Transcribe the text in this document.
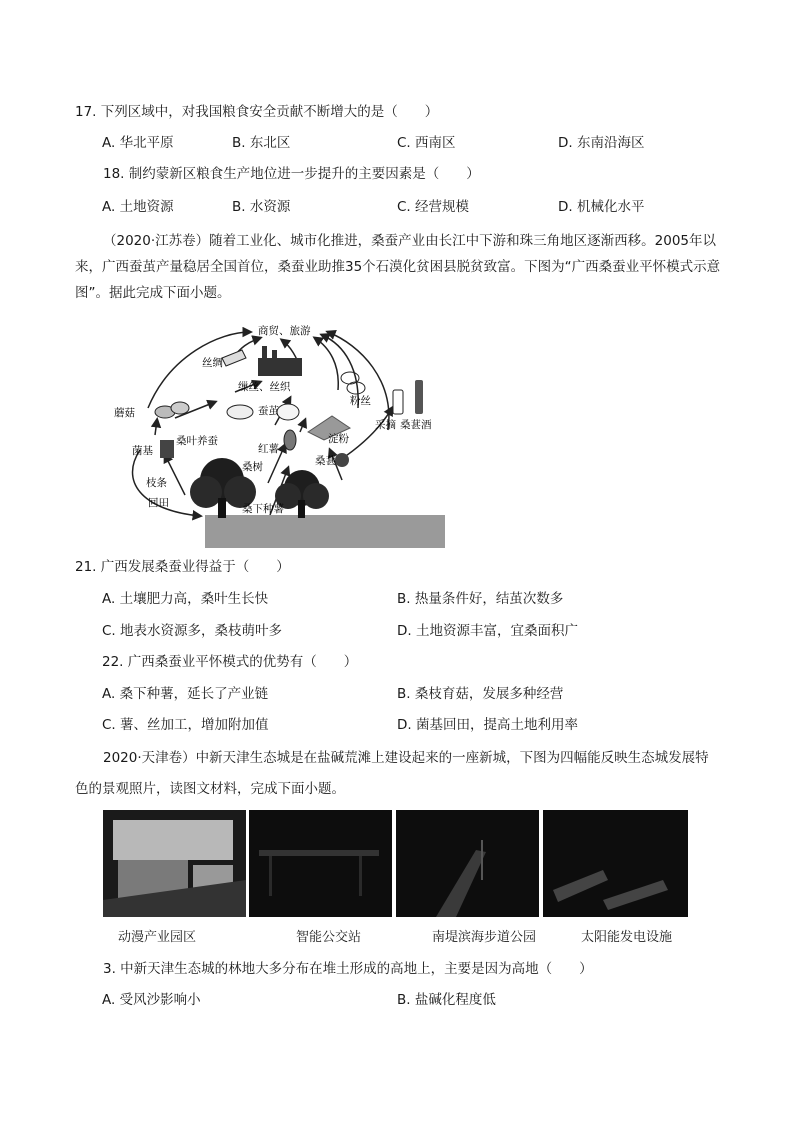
17. 下列区域中，对我国粮食安全贡献不断增大的是（　　）
A. 华北平原	B. 东北区	C. 西南区	D. 东南沿海区
18. 制约蒙新区粮食生产地位进一步提升的主要因素是（　　）
A. 土地资源	B. 水资源	C. 经营规模	D. 机械化水平
（2020·江苏卷）随着工业化、城市化推进，桑蚕产业由长江中下游和珠三角地区逐渐西移。2005年以来，广西蚕茧产量稳居全国首位，桑蚕业助推35个石漠化贫困县脱贫致富。下图为“广西桑蚕业平怀模式示意图”。据此完成下面小题。
商贸、旅游
丝绸
缫丝、丝织
蘑菇	蚕茧
粉丝
菌基
桑叶养蚕
红薯
淀粉
采摘 桑葚酒
桑树
枝条
桑葚
回田	桑下种薯
21. 广西发展桑蚕业得益于（　　）
A. 土壤肥力高，桑叶生长快	B. 热量条件好，结茧次数多
C. 地表水资源多，桑枝萌叶多	D. 土地资源丰富，宜桑面积广
22. 广西桑蚕业平怀模式的优势有（　　）
A. 桑下种薯，延长了产业链	B. 桑枝育菇，发展多种经营
C. 薯、丝加工，增加附加值	D. 菌基回田，提高土地利用率
2020·天津卷）中新天津生态城是在盐碱荒滩上建设起来的一座新城，下图为四幅能反映生态城发展特
色的景观照片，读图文材料，完成下面小题。
动漫产业园区	智能公交站	南堤滨海步道公园	太阳能发电设施
3. 中新天津生态城的林地大多分布在堆土形成的高地上，主要是因为高地（　　）
A. 受风沙影响小	B. 盐碱化程度低
